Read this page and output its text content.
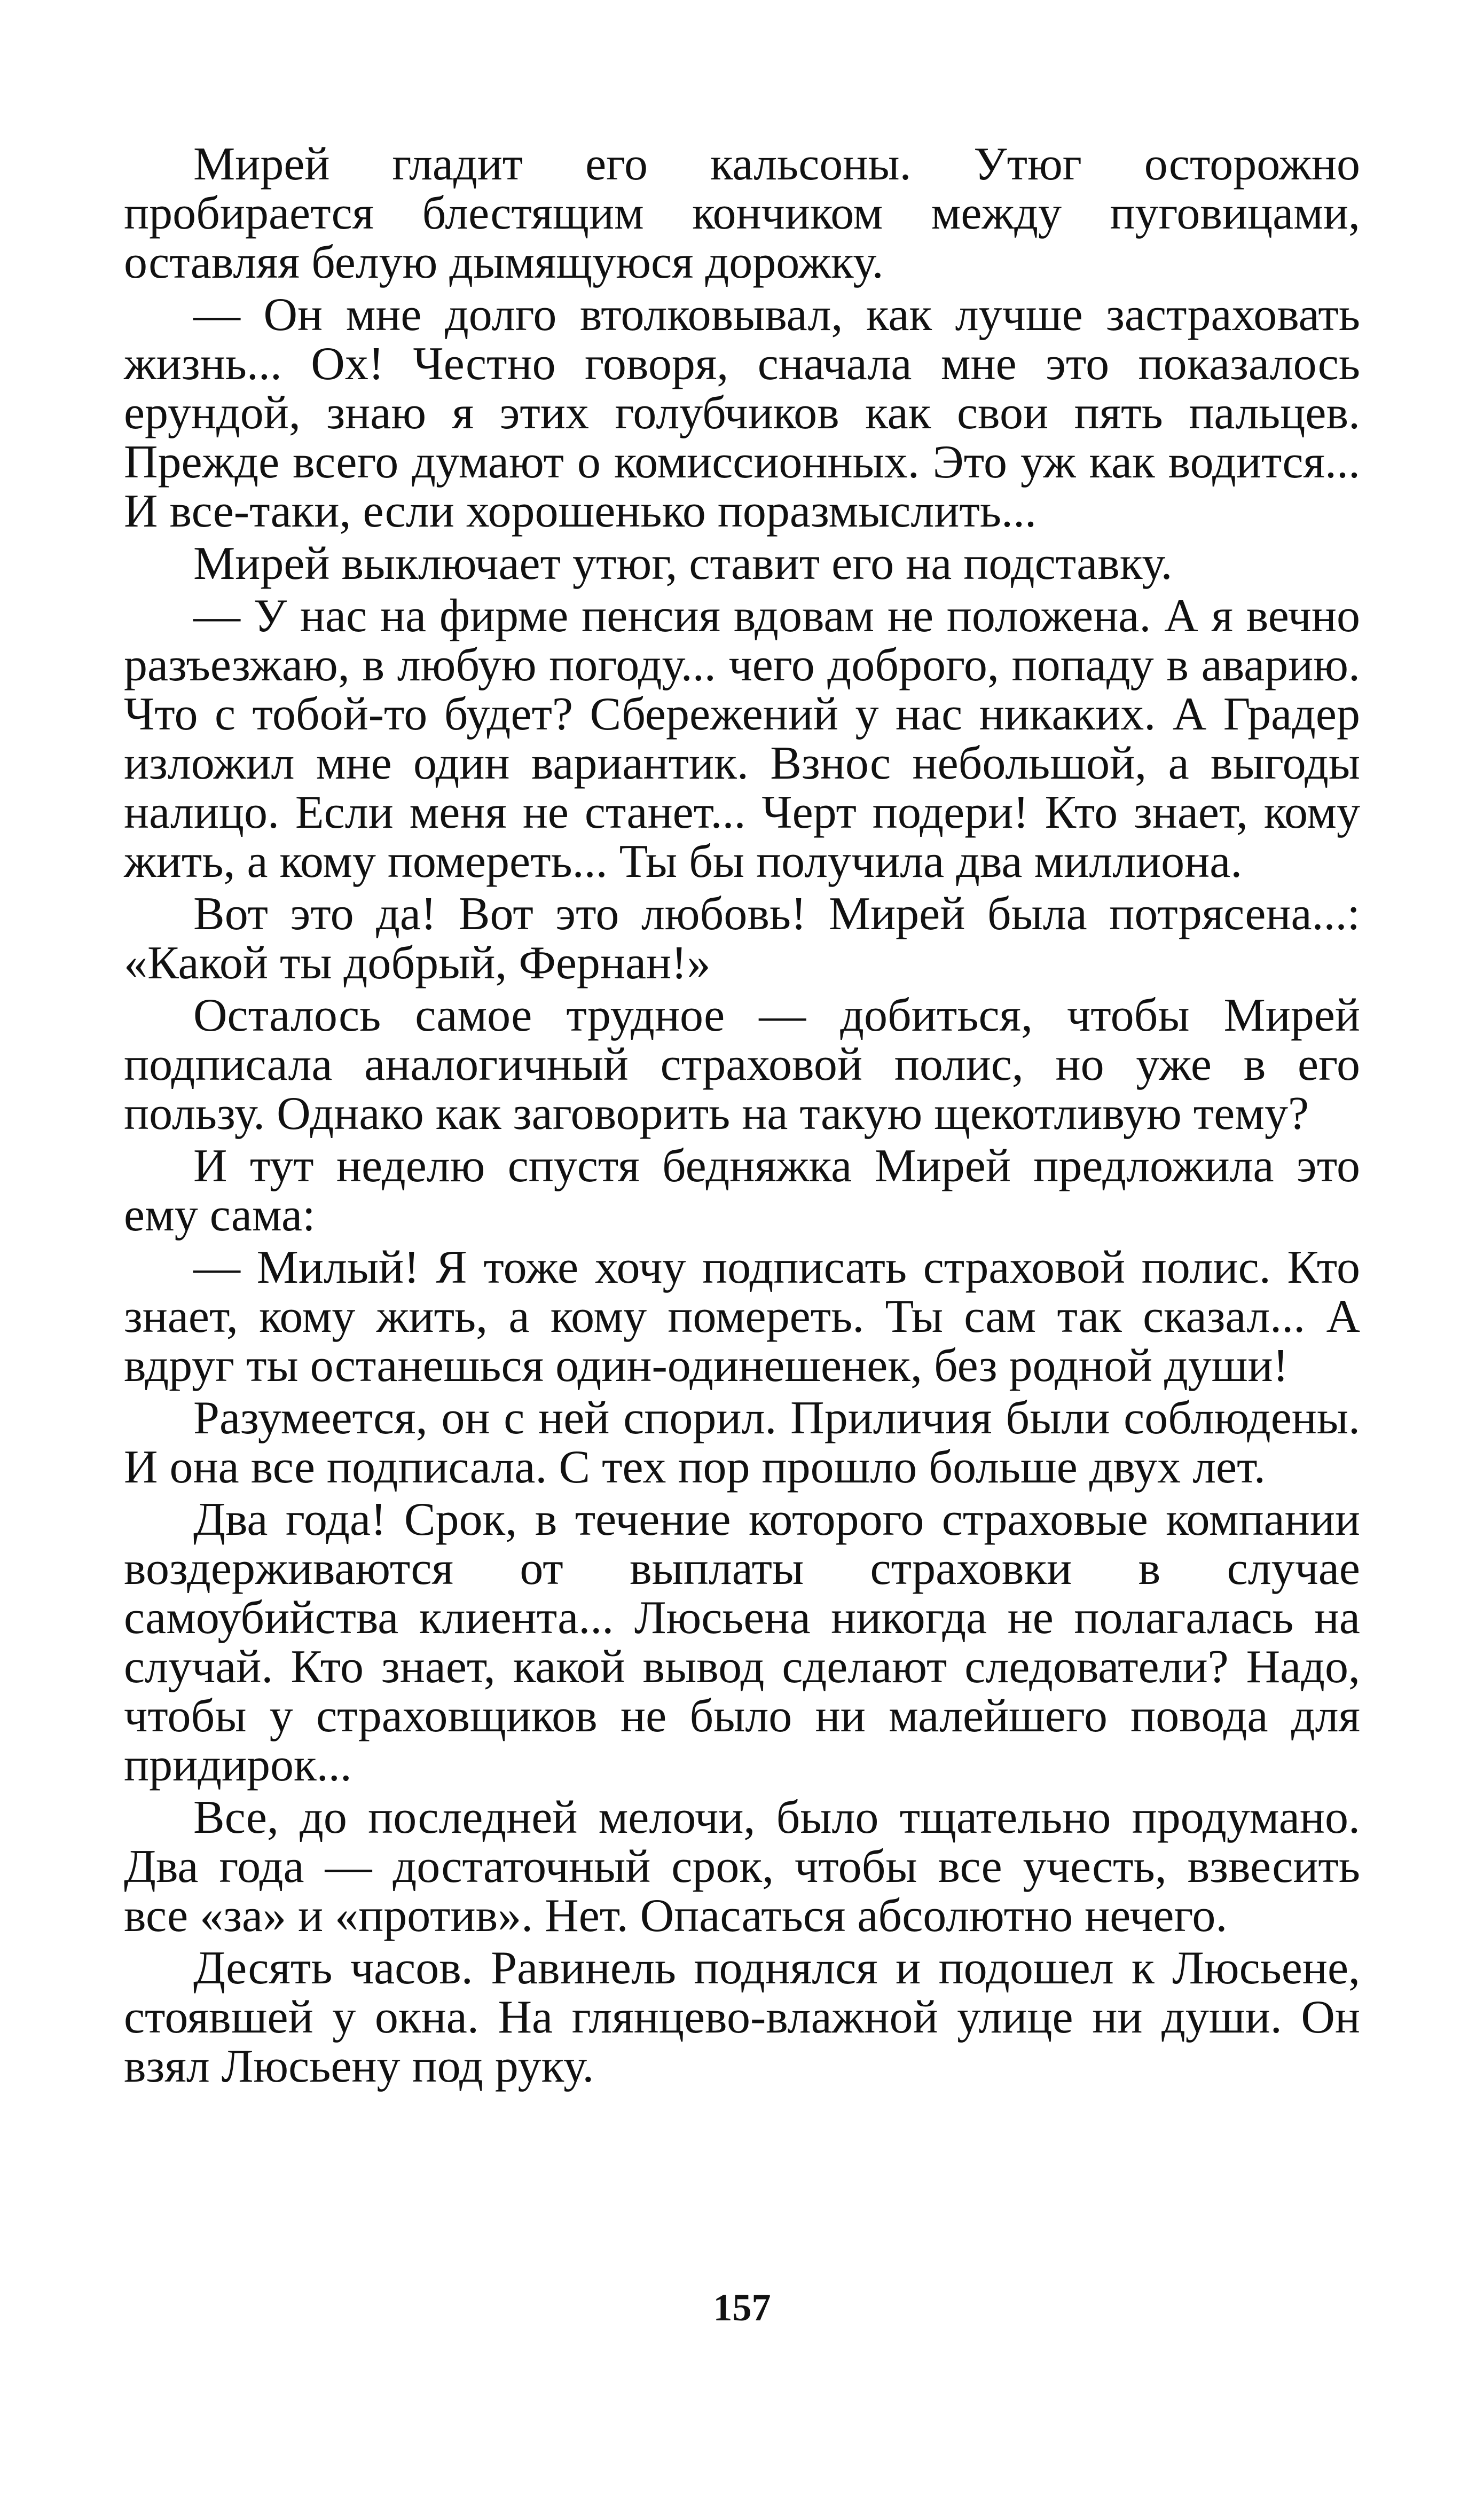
Мирей гладит его кальсоны. Утюг осторожно пробирается блестящим кончиком между пуговицами, оставляя белую дымящуюся дорожку.

— Он мне долго втолковывал, как лучше застраховать жизнь... Ох! Честно говоря, сначала мне это показалось ерундой, знаю я этих голубчиков как свои пять пальцев. Прежде всего думают о комиссионных. Это уж как водится... И все-таки, если хорошенько поразмыслить...

Мирей выключает утюг, ставит его на подставку.

— У нас на фирме пенсия вдовам не положена. А я вечно разъезжаю, в любую погоду... чего доброго, попаду в аварию. Что с тобой-то будет? Сбережений у нас никаких. А Градер изложил мне один вариантик. Взнос небольшой, а выгоды налицо. Если меня не станет... Черт подери! Кто знает, кому жить, а кому помереть... Ты бы получила два миллиона.

Вот это да! Вот это любовь! Мирей была потрясена...: «Какой ты добрый, Фернан!»

Осталось самое трудное — добиться, чтобы Мирей подписала аналогичный страховой полис, но уже в его пользу. Однако как заговорить на такую щекотливую тему?

И тут неделю спустя бедняжка Мирей предложила это ему сама:

— Милый! Я тоже хочу подписать страховой полис. Кто знает, кому жить, а кому помереть. Ты сам так сказал... А вдруг ты останешься один-одинешенек, без родной души!

Разумеется, он с ней спорил. Приличия были соблюдены. И она все подписала. С тех пор прошло больше двух лет.

Два года! Срок, в течение которого страховые компании воздерживаются от выплаты страховки в случае самоубийства клиента... Люсьена никогда не полагалась на случай. Кто знает, какой вывод сделают следователи? Надо, чтобы у страховщиков не было ни малейшего повода для придирок...

Все, до последней мелочи, было тщательно продумано. Два года — достаточный срок, чтобы все учесть, взвесить все «за» и «против». Нет. Опасаться абсолютно нечего.

Десять часов. Равинель поднялся и подошел к Люсьене, стоявшей у окна. На глянцево-влажной улице ни души. Он взял Люсьену под руку.

157
